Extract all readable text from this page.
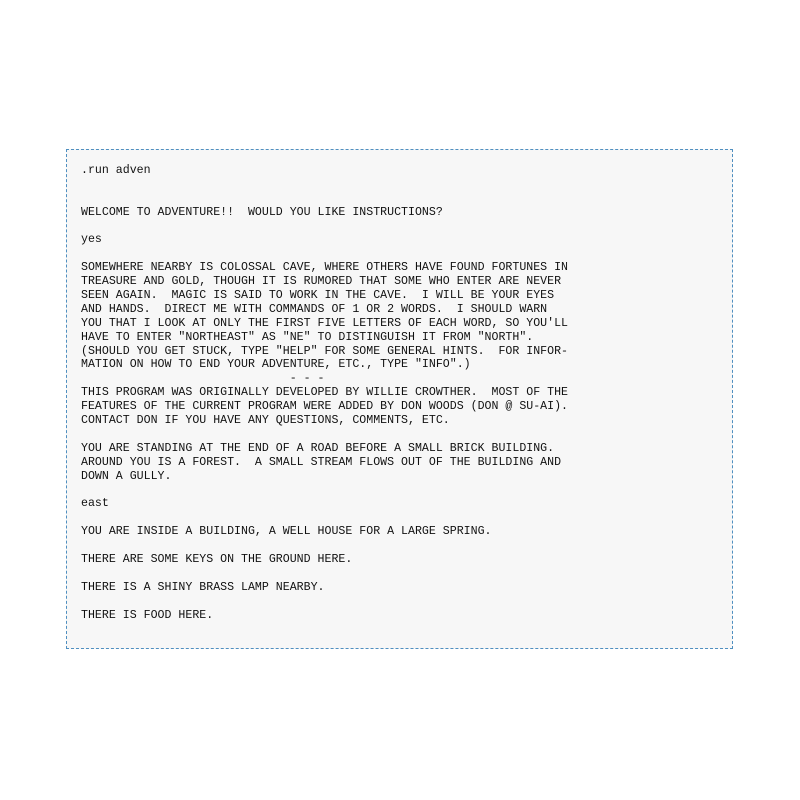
.run adven
WELCOME TO ADVENTURE!!  WOULD YOU LIKE INSTRUCTIONS?
yes
SOMEWHERE NEARBY IS COLOSSAL CAVE, WHERE OTHERS HAVE FOUND FORTUNES IN
TREASURE AND GOLD, THOUGH IT IS RUMORED THAT SOME WHO ENTER ARE NEVER
SEEN AGAIN.  MAGIC IS SAID TO WORK IN THE CAVE.  I WILL BE YOUR EYES
AND HANDS.  DIRECT ME WITH COMMANDS OF 1 OR 2 WORDS.  I SHOULD WARN
YOU THAT I LOOK AT ONLY THE FIRST FIVE LETTERS OF EACH WORD, SO YOU'LL
HAVE TO ENTER "NORTHEAST" AS "NE" TO DISTINGUISH IT FROM "NORTH".
(SHOULD YOU GET STUCK, TYPE "HELP" FOR SOME GENERAL HINTS.  FOR INFOR-
MATION ON HOW TO END YOUR ADVENTURE, ETC., TYPE "INFO".)
- - -
THIS PROGRAM WAS ORIGINALLY DEVELOPED BY WILLIE CROWTHER.  MOST OF THE
FEATURES OF THE CURRENT PROGRAM WERE ADDED BY DON WOODS (DON @ SU-AI).
CONTACT DON IF YOU HAVE ANY QUESTIONS, COMMENTS, ETC.
YOU ARE STANDING AT THE END OF A ROAD BEFORE A SMALL BRICK BUILDING.
AROUND YOU IS A FOREST.  A SMALL STREAM FLOWS OUT OF THE BUILDING AND
DOWN A GULLY.
east
YOU ARE INSIDE A BUILDING, A WELL HOUSE FOR A LARGE SPRING.
THERE ARE SOME KEYS ON THE GROUND HERE.
THERE IS A SHINY BRASS LAMP NEARBY.
THERE IS FOOD HERE.
